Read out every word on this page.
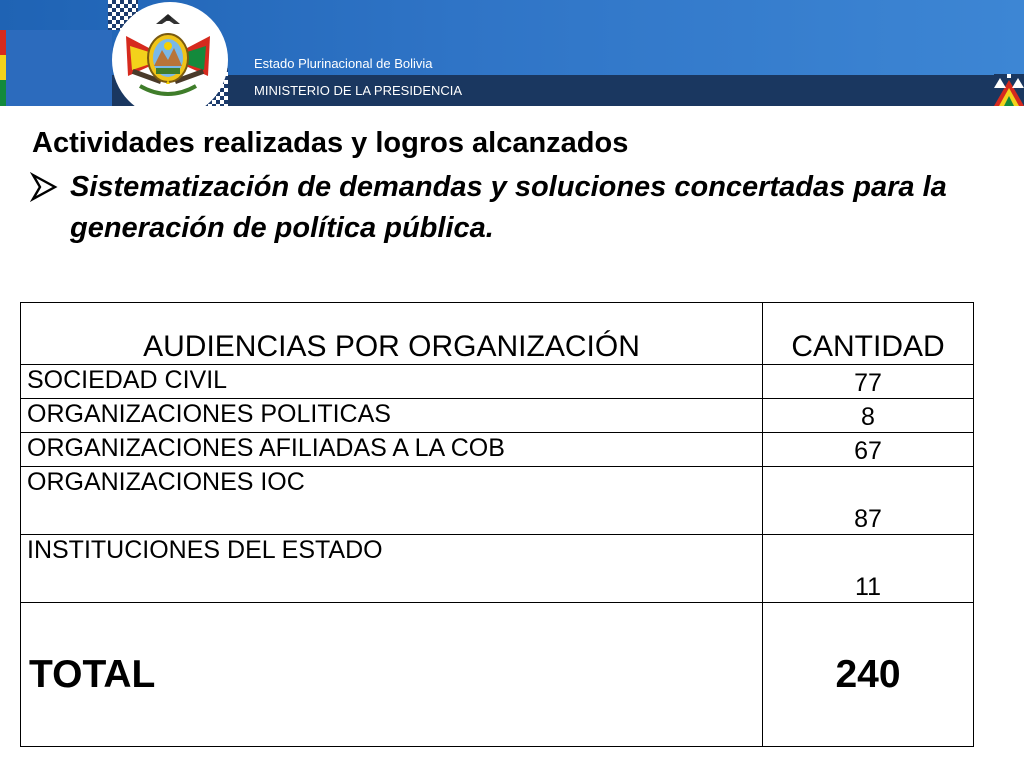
Estado Plurinacional de Bolivia
MINISTERIO DE LA PRESIDENCIA
Actividades realizadas y logros alcanzados
Sistematización de demandas y soluciones concertadas para la generación de política pública.
AUDIENCIAS POR ORGANIZACIÓN	CANTIDAD
SOCIEDAD CIVIL	77
ORGANIZACIONES POLITICAS	8
ORGANIZACIONES AFILIADAS A LA COB	67
ORGANIZACIONES IOC	87
INSTITUCIONES DEL ESTADO	11
TOTAL	240
